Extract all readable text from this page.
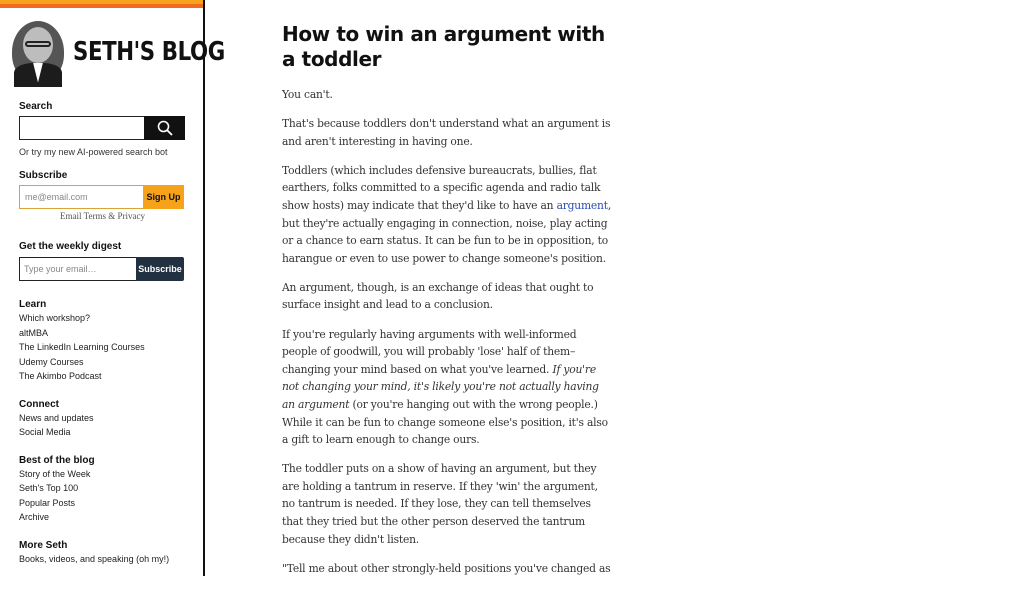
SETH'S BLOG
Search
Or try my new AI-powered search bot
Subscribe
me@email.com	Sign Up
Email Terms & Privacy
Get the weekly digest
Type your email…	Subscribe
Learn
Which workshop?
altMBA
The LinkedIn Learning Courses
Udemy Courses
The Akimbo Podcast
Connect
News and updates
Social Media
Best of the blog
Story of the Week
Seth's Top 100
Popular Posts
Archive
More Seth
Books, videos, and speaking (oh my!)
How to win an argument with a toddler

You can't.

That's because toddlers don't understand what an argument is and aren't interesting in having one.

Toddlers (which includes defensive bureaucrats, bullies, flat earthers, folks committed to a specific agenda and radio talk show hosts) may indicate that they'd like to have an argument, but they're actually engaging in connection, noise, play acting or a chance to earn status. It can be fun to be in opposition, to harangue or even to use power to change someone's position.

An argument, though, is an exchange of ideas that ought to surface insight and lead to a conclusion.

If you're regularly having arguments with well-informed people of goodwill, you will probably 'lose' half of them–changing your mind based on what you've learned. If you're not changing your mind, it's likely you're not actually having an argument (or you're hanging out with the wrong people.) While it can be fun to change someone else's position, it's also a gift to learn enough to change ours.

The toddler puts on a show of having an argument, but they are holding a tantrum in reserve. If they 'win' the argument, no tantrum is needed. If they lose, they can tell themselves that they tried but the other person deserved the tantrum because they didn't listen.

"Tell me about other strongly-held positions you've changed as
